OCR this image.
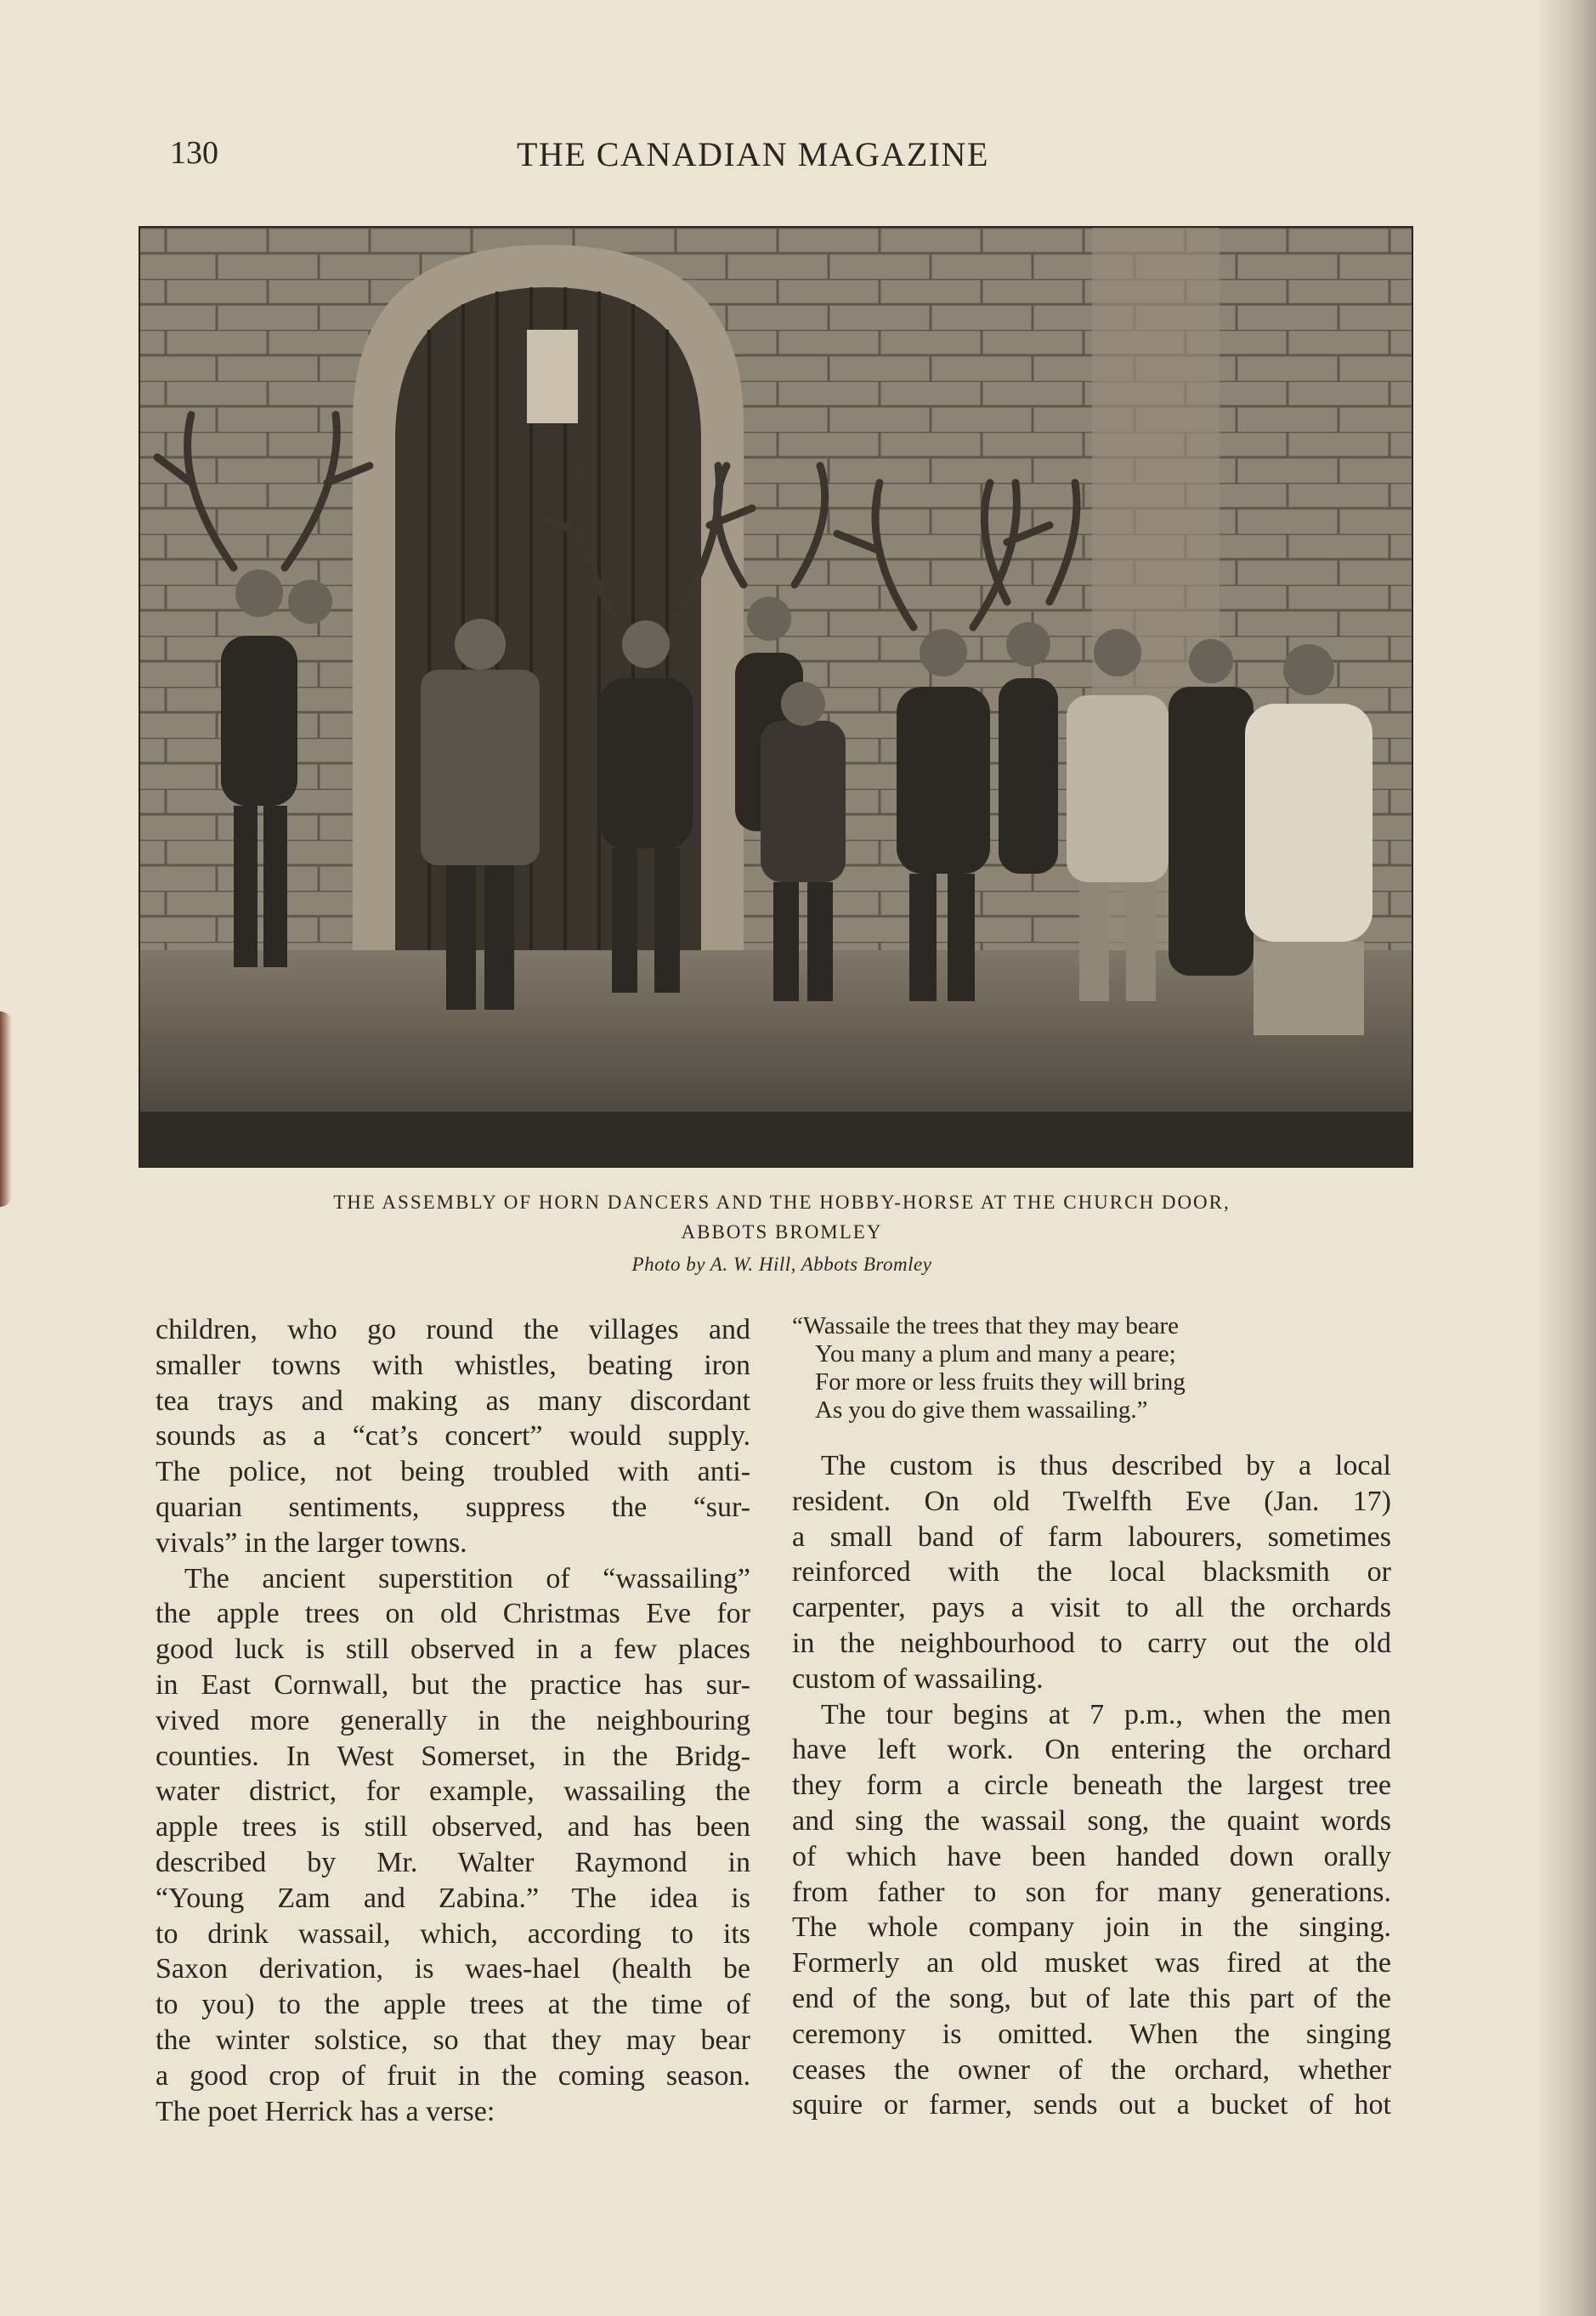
130	THE CANADIAN MAGAZINE
THE ASSEMBLY OF HORN DANCERS AND THE HOBBY-HORSE AT THE CHURCH DOOR,
ABBOTS BROMLEY
Photo by A. W. Hill, Abbots Bromley

children, who go round the villages and
smaller towns with whistles, beating iron
tea trays and making as many discordant
sounds as a “cat’s concert” would supply.
The police, not being troubled with anti-
quarian sentiments, suppress the “sur-
vivals” in the larger towns.

The ancient superstition of “wassailing”
the apple trees on old Christmas Eve for
good luck is still observed in a few places
in East Cornwall, but the practice has sur-
vived more generally in the neighbouring
counties. In West Somerset, in the Bridg-
water district, for example, wassailing the
apple trees is still observed, and has been
described by Mr. Walter Raymond in
“Young Zam and Zabina.” The idea is
to drink wassail, which, according to its
Saxon derivation, is waes-hael (health be
to you) to the apple trees at the time of
the winter solstice, so that they may bear
a good crop of fruit in the coming season.
The poet Herrick has a verse:

“Wassaile the trees that they may beare
You many a plum and many a peare;
For more or less fruits they will bring
As you do give them wassailing.”

The custom is thus described by a local
resident. On old Twelfth Eve (Jan. 17)
a small band of farm labourers, sometimes
reinforced with the local blacksmith or
carpenter, pays a visit to all the orchards
in the neighbourhood to carry out the old
custom of wassailing.

The tour begins at 7 p.m., when the men
have left work. On entering the orchard
they form a circle beneath the largest tree
and sing the wassail song, the quaint words
of which have been handed down orally
from father to son for many generations.
The whole company join in the singing.
Formerly an old musket was fired at the
end of the song, but of late this part of the
ceremony is omitted. When the singing
ceases the owner of the orchard, whether
squire or farmer, sends out a bucket of hot
